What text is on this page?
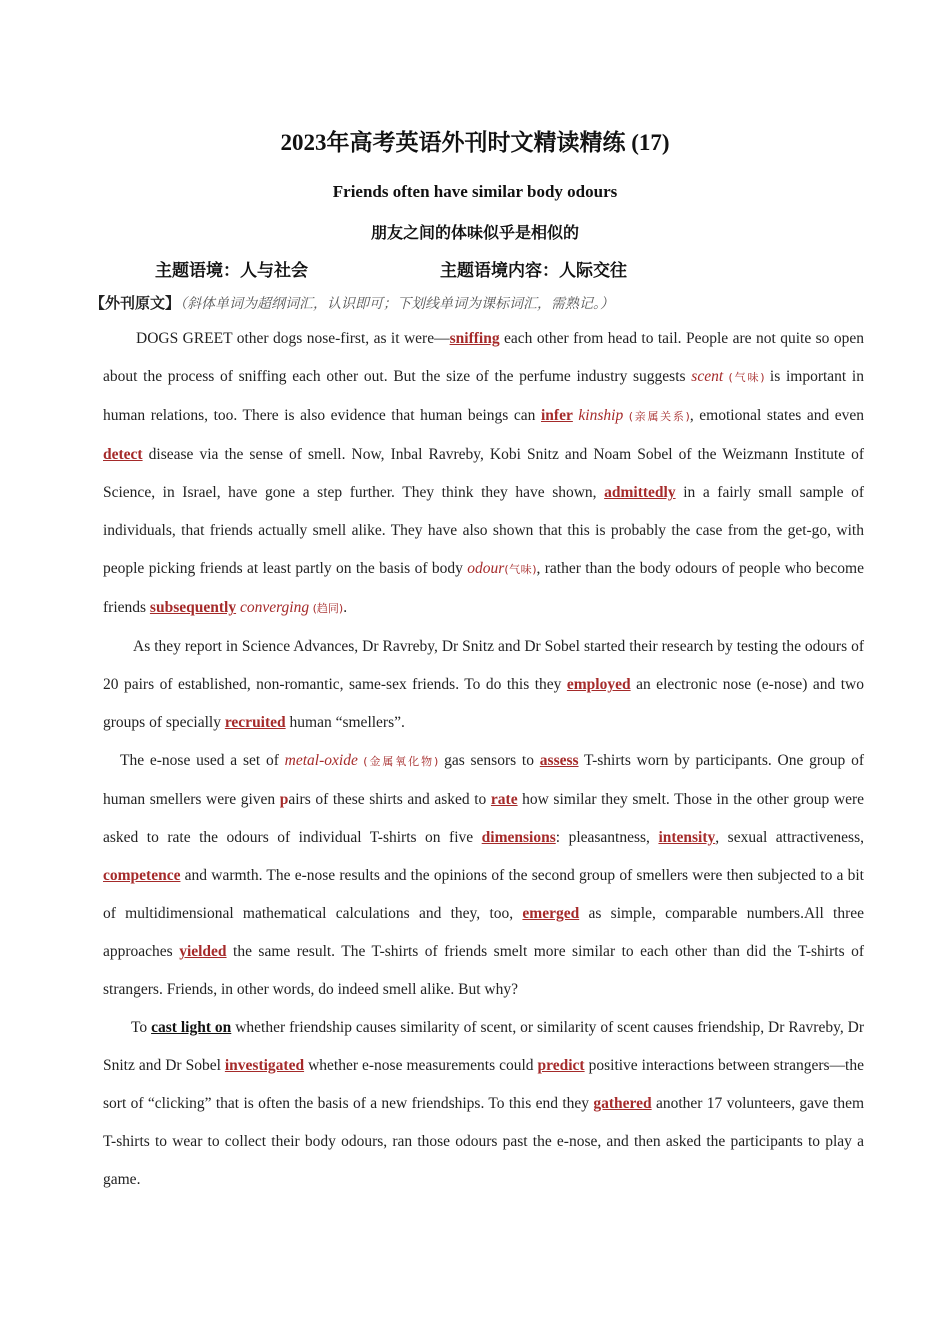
2023年高考英语外刊时文精读精练 (17)
Friends often have similar body odours
朋友之间的体味似乎是相似的
主题语境：人与社会	主题语境内容：人际交往
【外刊原文】（斜体单词为超纲词汇，认识即可；下划线单词为课标词汇，需熟记。）

DOGS GREET other dogs nose-first, as it were—sniffing each other from head to tail. People are not quite so open about the process of sniffing each other out. But the size of the perfume industry suggests scent (气味) is important in human relations, too. There is also evidence that human beings can infer kinship (亲属关系), emotional states and even detect disease via the sense of smell. Now, Inbal Ravreby, Kobi Snitz and Noam Sobel of the Weizmann Institute of Science, in Israel, have gone a step further. They think they have shown, admittedly in a fairly small sample of individuals, that friends actually smell alike. They have also shown that this is probably the case from the get-go, with people picking friends at least partly on the basis of body odour(气味), rather than the body odours of people who become friends subsequently converging (趋同).

As they report in Science Advances, Dr Ravreby, Dr Snitz and Dr Sobel started their research by testing the odours of 20 pairs of established, non-romantic, same-sex friends. To do this they employed an electronic nose (e-nose) and two groups of specially recruited human “smellers”.

The e-nose used a set of metal-oxide (金属氧化物) gas sensors to assess T-shirts worn by participants. One group of human smellers were given pairs of these shirts and asked to rate how similar they smelt. Those in the other group were asked to rate the odours of individual T-shirts on five dimensions: pleasantness, intensity, sexual attractiveness, competence and warmth. The e-nose results and the opinions of the second group of smellers were then subjected to a bit of multidimensional mathematical calculations and they, too, emerged as simple, comparable numbers.All three approaches yielded the same result. The T-shirts of friends smelt more similar to each other than did the T-shirts of strangers. Friends, in other words, do indeed smell alike. But why?

To cast light on whether friendship causes similarity of scent, or similarity of scent causes friendship, Dr Ravreby, Dr Snitz and Dr Sobel investigated whether e-nose measurements could predict positive interactions between strangers—the sort of “clicking” that is often the basis of a new friendships. To this end they gathered another 17 volunteers, gave them T-shirts to wear to collect their body odours, ran those odours past the e-nose, and then asked the participants to play a game.
